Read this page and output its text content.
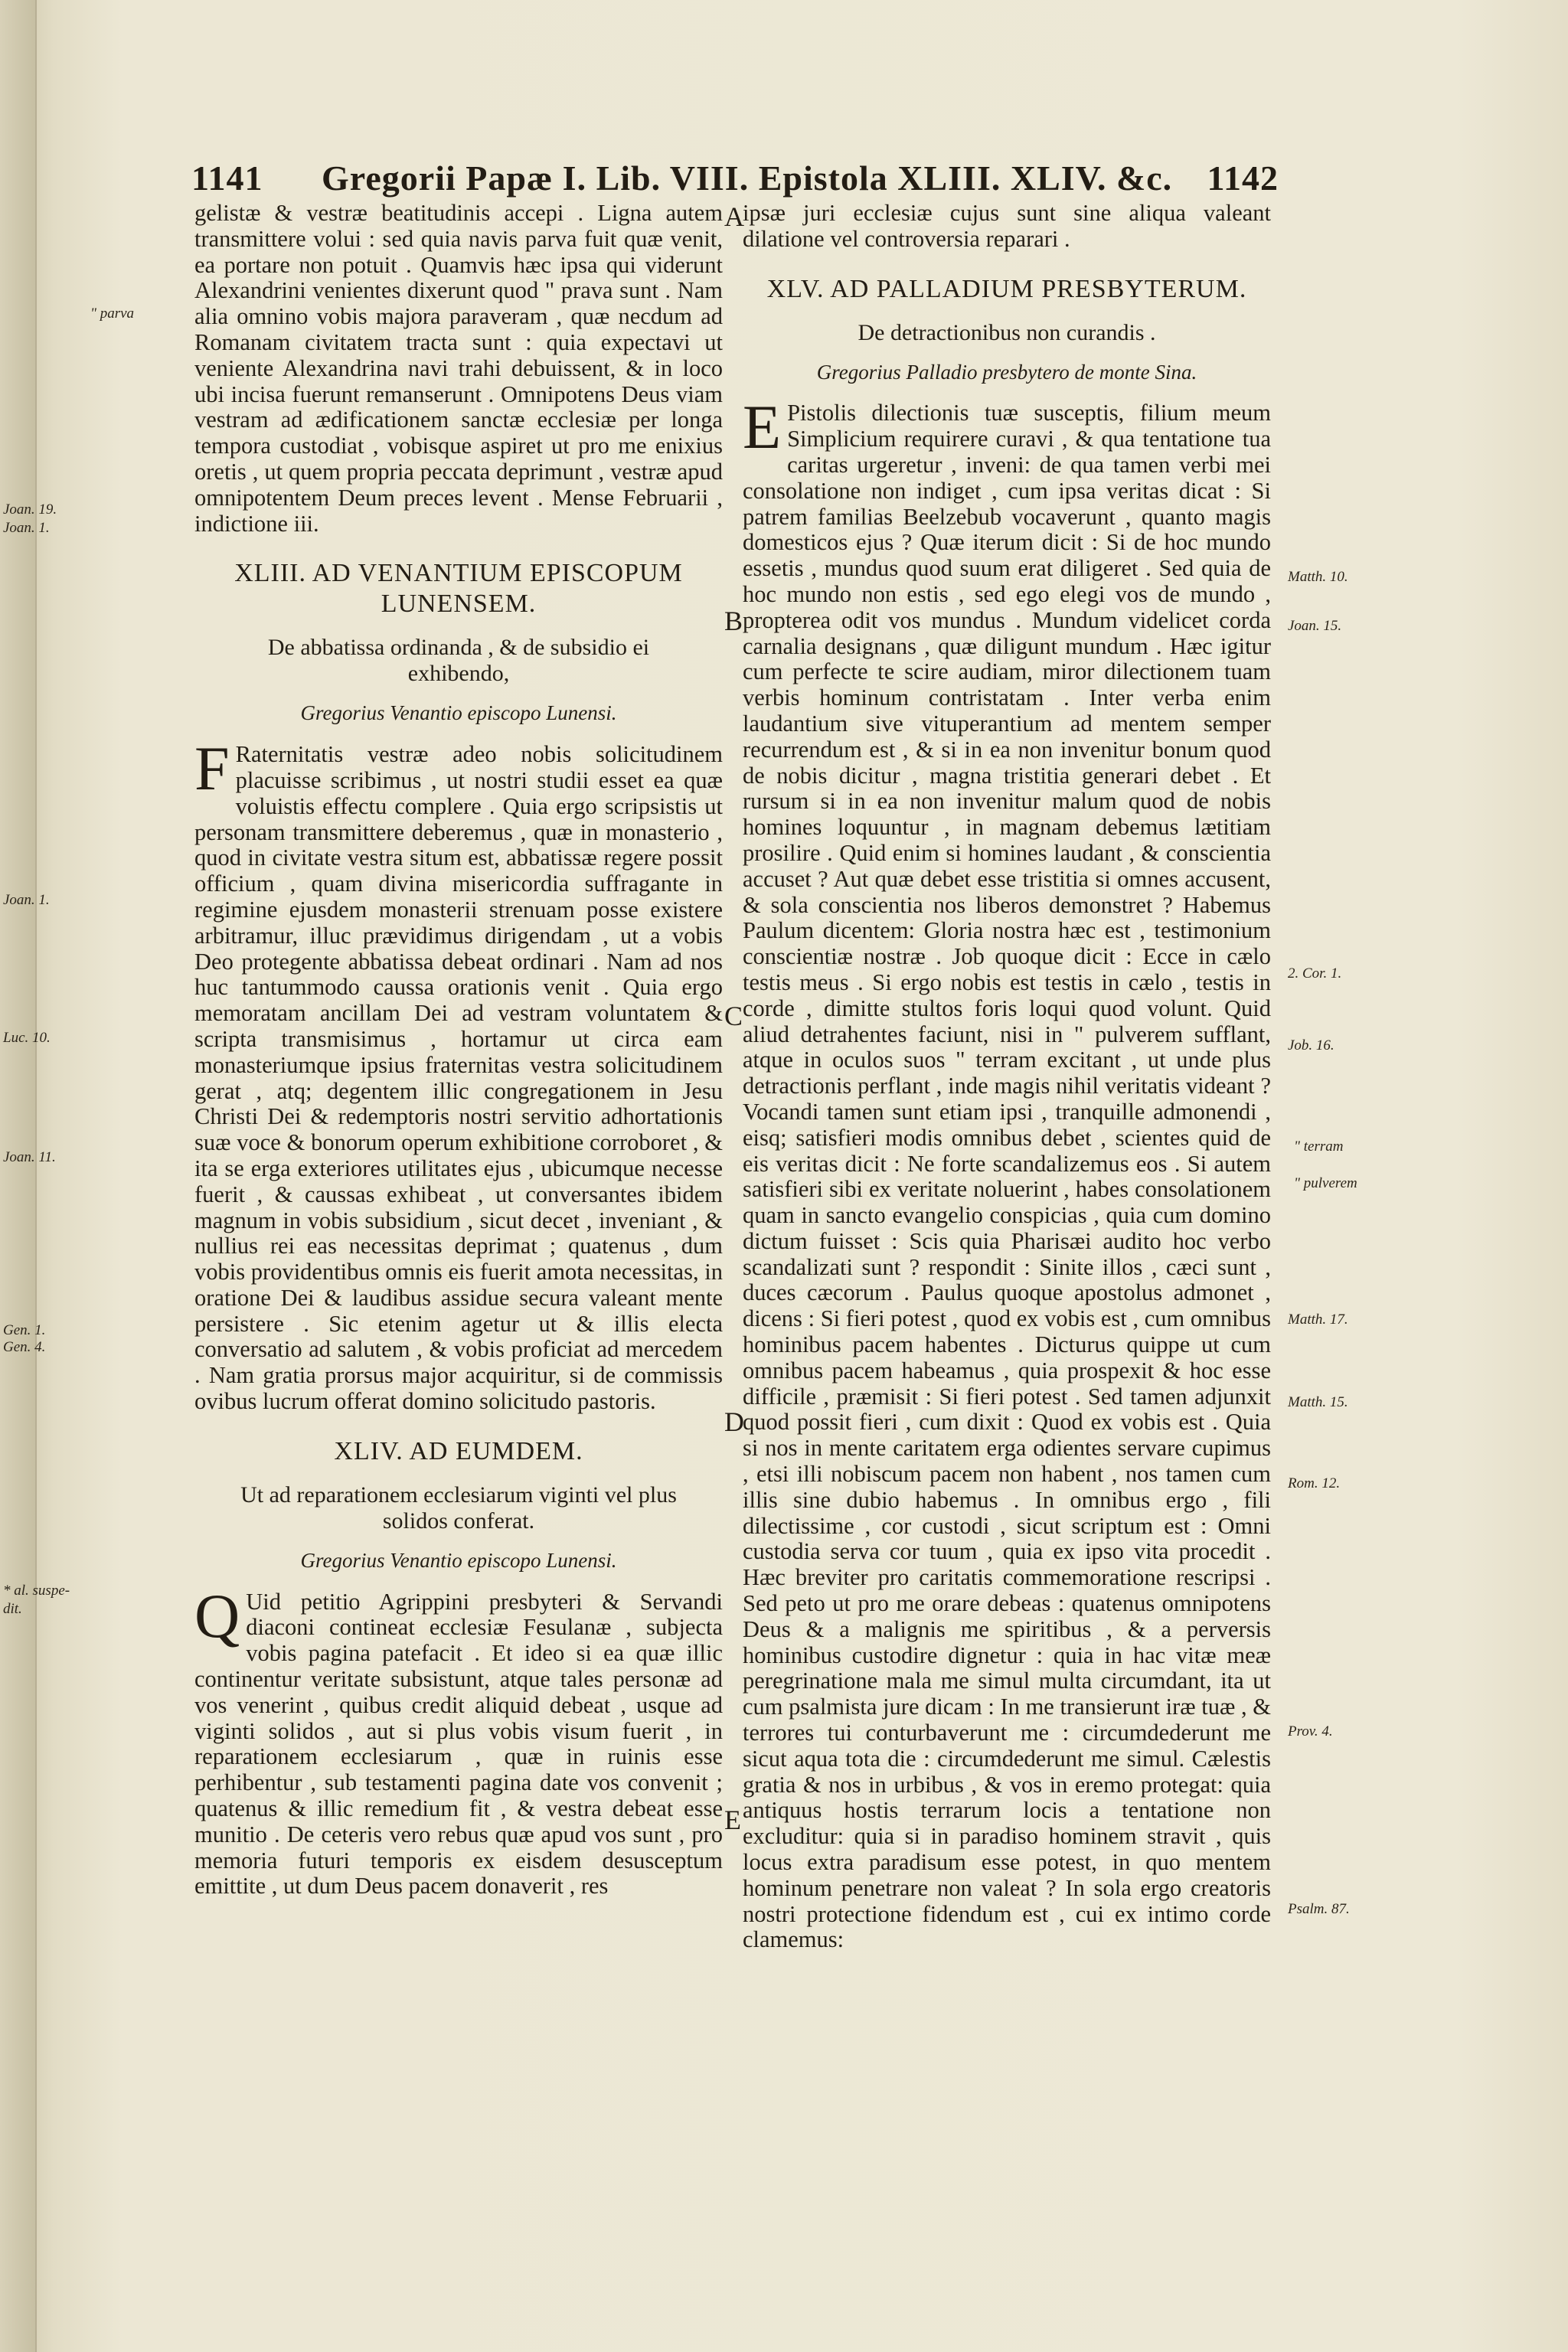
1141 Gregorii Papæ I. Lib. VIII. Epistola XLIII. XLIV. &c. 1142

gelistæ & vestræ beatitudinis accepi . Ligna autem transmittere volui : sed quia navis parva fuit quæ venit, ea portare non potuit . Quamvis hæc ipsa qui viderunt Alexandrini venientes dixerunt quod " prava sunt . Nam alia omnino vobis majora paraveram , quæ necdum ad Romanam civitatem tracta sunt : quia expectavi ut veniente Alexandrina navi trahi debuissent, & in loco ubi incisa fuerunt remanserunt . Omnipotens Deus viam vestram ad ædificationem sanctæ ecclesiæ per longa tempora custodiat , vobisque aspiret ut pro me enixius oretis , ut quem propria peccata deprimunt , vestræ apud omnipotentem Deum preces levent . Mense Februarii , indictione iii.

XLIII. AD VENANTIUM EPISCOPUM LUNENSEM.
De abbatissa ordinanda , & de subsidio ei exhibendo,
Gregorius Venantio episcopo Lunensi.

F Raternitatis vestræ adeo nobis solicitudinem placuisse scribimus , ut nostri studii esset ea quæ voluistis effectu complere . Quia ergo scripsistis ut personam transmittere deberemus , quæ in monasterio , quod in civitate vestra situm est, abbatissæ regere possit officium , quam divina misericordia suffragante in regimine ejusdem monasterii strenuam posse existere arbitramur, illuc prævidimus dirigendam , ut a vobis Deo protegente abbatissa debeat ordinari . Nam ad nos huc tantummodo caussa orationis venit . Quia ergo memoratam ancillam Dei ad vestram voluntatem & scripta transmisimus , hortamur ut circa eam monasteriumque ipsius fraternitas vestra solicitudinem gerat , atq; degentem illic congregationem in Jesu Christi Dei & redemptoris nostri servitio adhortationis suæ voce & bonorum operum exhibitione corroboret , & ita se erga exteriores utilitates ejus , ubicumque necesse fuerit , & caussas exhibeat , ut conversantes ibidem magnum in vobis subsidium , sicut decet , inveniant , & nullius rei eas necessitas deprimat ; quatenus , dum vobis providentibus omnis eis fuerit amota necessitas, in oratione Dei & laudibus assidue secura valeant mente persistere . Sic etenim agetur ut & illis electa conversatio ad salutem , & vobis proficiat ad mercedem . Nam gratia prorsus major acquiritur, si de commissis ovibus lucrum offerat domino solicitudo pastoris.

XLIV. AD EUMDEM.
Ut ad reparationem ecclesiarum viginti vel plus solidos conferat.
Gregorius Venantio episcopo Lunensi.

Q Uid petitio Agrippini presbyteri & Servandi diaconi contineat ecclesiæ Fesulanæ , subjecta vobis pagina patefacit . Et ideo si ea quæ illic continentur veritate subsistunt, atque tales personæ ad vos venerint , quibus credit aliquid debeat , usque ad viginti solidos , aut si plus vobis visum fuerit , in reparationem ecclesiarum , quæ in ruinis esse perhibentur , sub testamenti pagina date vos convenit ; quatenus & illic remedium fit , & vestra debeat esse munitio . De ceteris vero rebus quæ apud vos sunt , pro memoria futuri temporis ex eisdem desusceptum emittite , ut dum Deus pacem donaverit , res

ipsæ juri ecclesiæ cujus sunt sine aliqua valeant dilatione vel controversia reparari .

XLV. AD PALLADIUM PRESBYTERUM.
De detractionibus non curandis .
Gregorius Palladio presbytero de monte Sina.

E Pistolis dilectionis tuæ susceptis, filium meum Simplicium requirere curavi , & qua tentatione tua caritas urgeretur , inveni: de qua tamen verbi mei consolatione non indiget , cum ipsa veritas dicat : Si patrem familias Beelzebub vocaverunt , quanto magis domesticos ejus ? Quæ iterum dicit : Si de hoc mundo essetis , mundus quod suum erat diligeret . Sed quia de hoc mundo non estis , sed ego elegi vos de mundo , propterea odit vos mundus . Mundum videlicet corda carnalia designans , quæ diligunt mundum . Hæc igitur cum perfecte te scire audiam, miror dilectionem tuam verbis hominum contristatam . Inter verba enim laudantium sive vituperantium ad mentem semper recurrendum est , & si in ea non invenitur bonum quod de nobis dicitur , magna tristitia generari debet . Et rursum si in ea non invenitur malum quod de nobis homines loquuntur , in magnam debemus lætitiam prosilire . Quid enim si homines laudant , & conscientia accuset ? Aut quæ debet esse tristitia si omnes accusent, & sola conscientia nos liberos demonstret ? Habemus Paulum dicentem: Gloria nostra hæc est , testimonium conscientiæ nostræ . Job quoque dicit : Ecce in cælo testis meus . Si ergo nobis est testis in cælo , testis in corde , dimitte stultos foris loqui quod volunt. Quid aliud detrahentes faciunt, nisi in " pulverem sufflant, atque in oculos suos " terram excitant , ut unde plus detractionis perflant , inde magis nihil veritatis videant ? Vocandi tamen sunt etiam ipsi , tranquille admonendi , eisq; satisfieri modis omnibus debet , scientes quid de eis veritas dicit : Ne forte scandalizemus eos . Si autem satisfieri sibi ex veritate noluerint , habes consolationem quam in sancto evangelio conspicias , quia cum domino dictum fuisset : Scis quia Pharisæi audito hoc verbo scandalizati sunt ? respondit : Sinite illos , cæci sunt , duces cæcorum . Paulus quoque apostolus admonet , dicens : Si fieri potest , quod ex vobis est , cum omnibus hominibus pacem habentes . Dicturus quippe ut cum omnibus pacem habeamus , quia prospexit & hoc esse difficile , præmisit : Si fieri potest . Sed tamen adjunxit quod possit fieri , cum dixit : Quod ex vobis est . Quia si nos in mente caritatem erga odientes servare cupimus , etsi illi nobiscum pacem non habent , nos tamen cum illis sine dubio habemus . In omnibus ergo , fili dilectissime , cor custodi , sicut scriptum est : Omni custodia serva cor tuum , quia ex ipso vita procedit . Hæc breviter pro caritatis commemoratione rescripsi . Sed peto ut pro me orare debeas : quatenus omnipotens Deus & a malignis me spiritibus , & a perversis hominibus custodire dignetur : quia in hac vitæ meæ peregrinatione mala me simul multa circumdant, ita ut cum psalmista jure dicam : In me transierunt iræ tuæ , & terrores tui conturbaverunt me : circumdederunt me sicut aqua tota die : circumdederunt me simul. Cælestis gratia & nos in urbibus , & vos in eremo protegat: quia antiquus hostis terrarum locis a tentatione non excluditur: quia si in paradiso hominem stravit , quis locus extra paradisum esse potest, in quo mentem hominum penetrare non valeat ? In sola ergo creatoris nostri protectione fidendum est , cui ex intimo corde clamemus:

A
B
C
D
E
" parva
Joan. 19.
Joan. 1.
Joan. 1.
Luc. 10.
Joan. 11.
Gen. 1.
Gen. 4.
* al. suspe-
dit.
Matth. 10.
Joan. 15.
2. Cor. 1.
Job. 16.
" terram
" pulverem
Matth. 17.
Matth. 15.
Rom. 12.
Prov. 4.
Psalm. 87.
